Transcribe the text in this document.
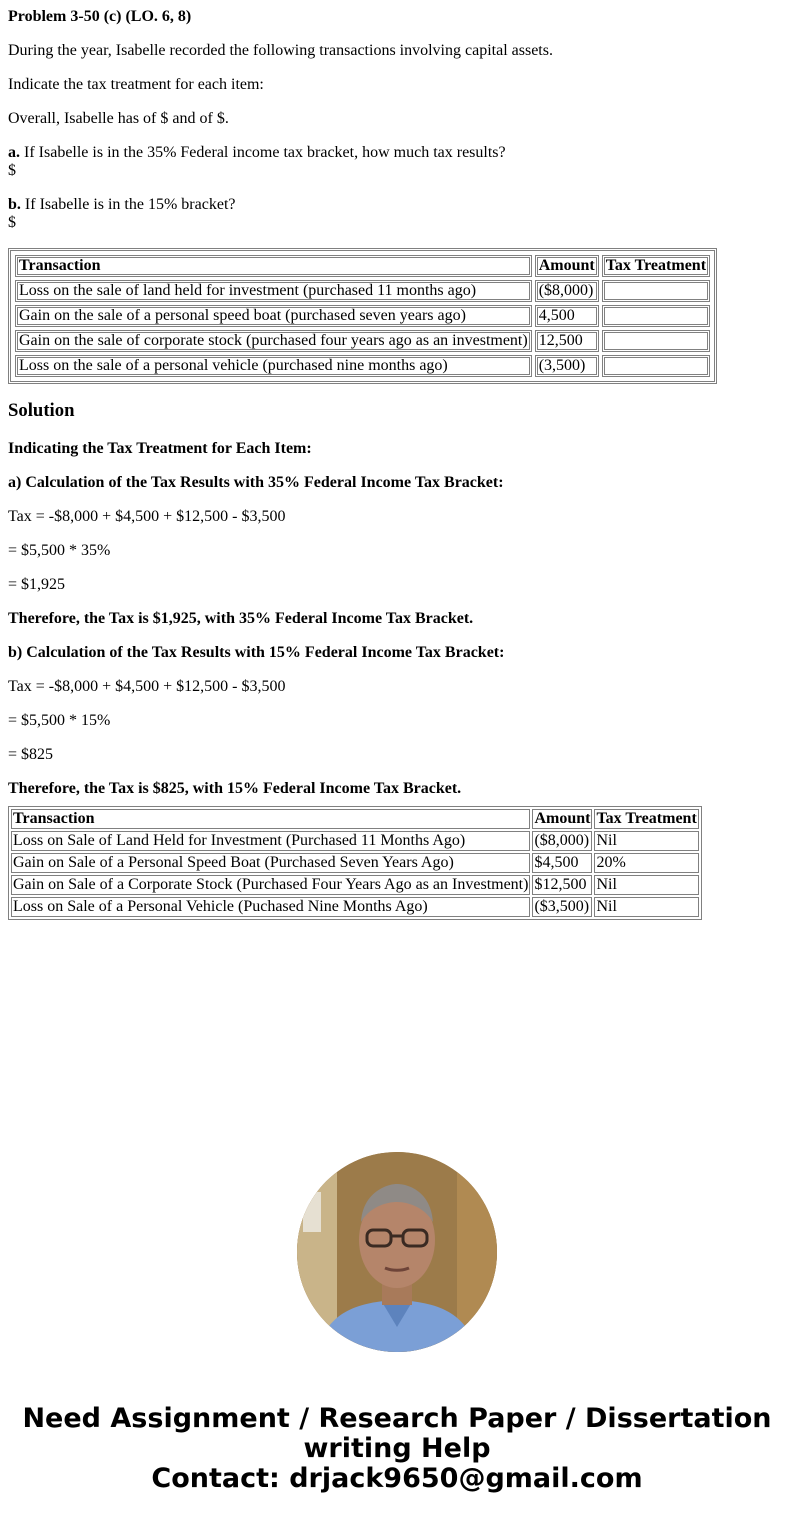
Problem 3-50 (c) (LO. 6, 8)

During the year, Isabelle recorded the following transactions involving capital assets.

Indicate the tax treatment for each item:

Overall, Isabelle has of $ and of $.

a. If Isabelle is in the 35% Federal income tax bracket, how much tax results?
$

b. If Isabelle is in the 15% bracket?
$

Transaction	Amount	Tax Treatment
Loss on the sale of land held for investment (purchased 11 months ago)	($8,000)	
Gain on the sale of a personal speed boat (purchased seven years ago)	4,500	
Gain on the sale of corporate stock (purchased four years ago as an investment)	12,500	
Loss on the sale of a personal vehicle (purchased nine months ago)	(3,500)	
Solution

Indicating the Tax Treatment for Each Item:

a) Calculation of the Tax Results with 35% Federal Income Tax Bracket:

Tax = -$8,000 + $4,500 + $12,500 - $3,500

= $5,500 * 35%

= $1,925

Therefore, the Tax is $1,925, with 35% Federal Income Tax Bracket.

b) Calculation of the Tax Results with 15% Federal Income Tax Bracket:

Tax = -$8,000 + $4,500 + $12,500 - $3,500

= $5,500 * 15%

= $825

Therefore, the Tax is $825, with 15% Federal Income Tax Bracket.

Transaction	Amount	Tax Treatment
Loss on Sale of Land Held for Investment (Purchased 11 Months Ago)	($8,000)	Nil
Gain on Sale of a Personal Speed Boat (Purchased Seven Years Ago)	$4,500	20%
Gain on Sale of a Corporate Stock (Purchased Four Years Ago as an Investment)	$12,500	Nil
Loss on Sale of a Personal Vehicle (Puchased Nine Months Ago)	($3,500)	Nil
Need Assignment / Research Paper / Dissertation
writing Help
Contact: drjack9650@gmail.com
